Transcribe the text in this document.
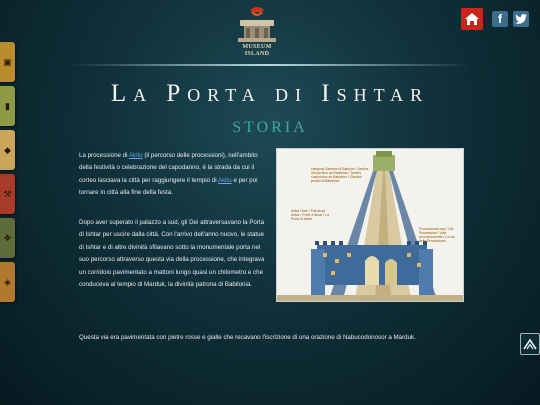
▣
▮
◆
⚒
❖
◈
MUSEUM
ISLAND
f
La Porta di Ishtar
STORIA
La processione di Akitu (il percorso delle processioni), nell'ambito della festività o celebrazione del capodanno, è la strada da cui il corteo lasciava la città per raggiungere il tempio di Akitu e per poi tornare in città alla fine della festa.
Dopo aver superato il palazzo a sud, gli Dei attraversavano la Porta di Ishtar per uscire dalla città. Con l'arrivo dell'anno nuovo, le statue di Ishtar e di altre divinità sfilavano sotto la monumentale porta nel suo percorso attraverso questa via della processione, che integrava un corridoio pavimentato a mattoni lungo quasi un chilometro e che conduceva al tempio di Marduk, la divinità patrona di Babilonia.
Questa via era pavimentata con pietre rosse e gialle che recavano l'iscrizione di una orazione di Nabucodonosor a Marduk.
Hanging Gardens of Babylon / Jardins Suspensos da Babilônia / Jardins suspendus de Babylone / Giardini pensili di Babilonia
Ishtar Gate / Puerta de Ishtar / Porte d'Ishtar / La Porta di Ishtar
Processional way / Vía Procesional / Voie processionnelle / La via della Processione
